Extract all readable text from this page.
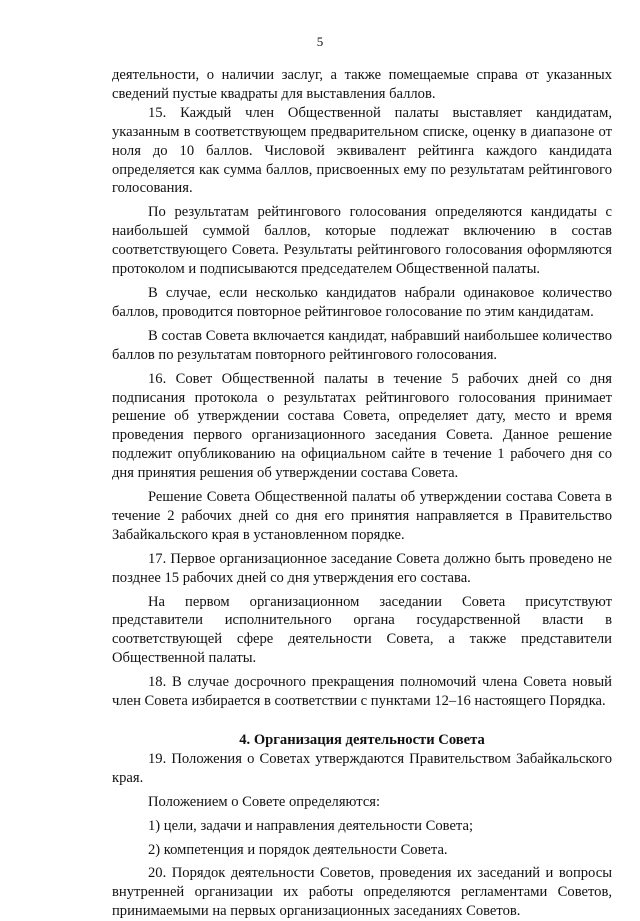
5

деятельности, о наличии заслуг, а также помещаемые справа от указанных сведений пустые квадраты для выставления баллов.

15. Каждый член Общественной палаты выставляет кандидатам, указанным в соответствующем предварительном списке, оценку в диапазоне от ноля до 10 баллов. Числовой эквивалент рейтинга каждого кандидата определяется как сумма баллов, присвоенных ему по результатам рейтингового голосования.

По результатам рейтингового голосования определяются кандидаты с наибольшей суммой баллов, которые подлежат включению в состав соответствующего Совета. Результаты рейтингового голосования оформляются протоколом и подписываются председателем Общественной палаты.

В случае, если несколько кандидатов набрали одинаковое количество баллов, проводится повторное рейтинговое голосование по этим кандидатам.

В состав Совета включается кандидат, набравший наибольшее количество баллов по результатам повторного рейтингового голосования.

16. Совет Общественной палаты в течение 5 рабочих дней со дня подписания протокола о результатах рейтингового голосования принимает решение об утверждении состава Совета, определяет дату, место и время проведения первого организационного заседания Совета. Данное решение подлежит опубликованию на официальном сайте в течение 1 рабочего дня со дня принятия решения об утверждении состава Совета.

Решение Совета Общественной палаты об утверждении состава Совета в течение 2 рабочих дней со дня его принятия направляется в Правительство Забайкальского края в установленном порядке.

17. Первое организационное заседание Совета должно быть проведено не позднее 15 рабочих дней со дня утверждения его состава.

На первом организационном заседании Совета присутствуют представители исполнительного органа государственной власти в соответствующей сфере деятельности Совета, а также представители Общественной палаты.

18. В случае досрочного прекращения полномочий члена Совета новый член Совета избирается в соответствии с пунктами 12–16 настоящего Порядка.

4. Организация деятельности Совета

19. Положения о Советах утверждаются Правительством Забайкальского края.

Положением о Совете определяются:

1) цели, задачи и направления деятельности Совета;

2) компетенция и порядок деятельности Совета.

20. Порядок деятельности Советов, проведения их заседаний и вопросы внутренней организации их работы определяются регламентами Советов, принимаемыми на первых организационных заседаниях Советов.
